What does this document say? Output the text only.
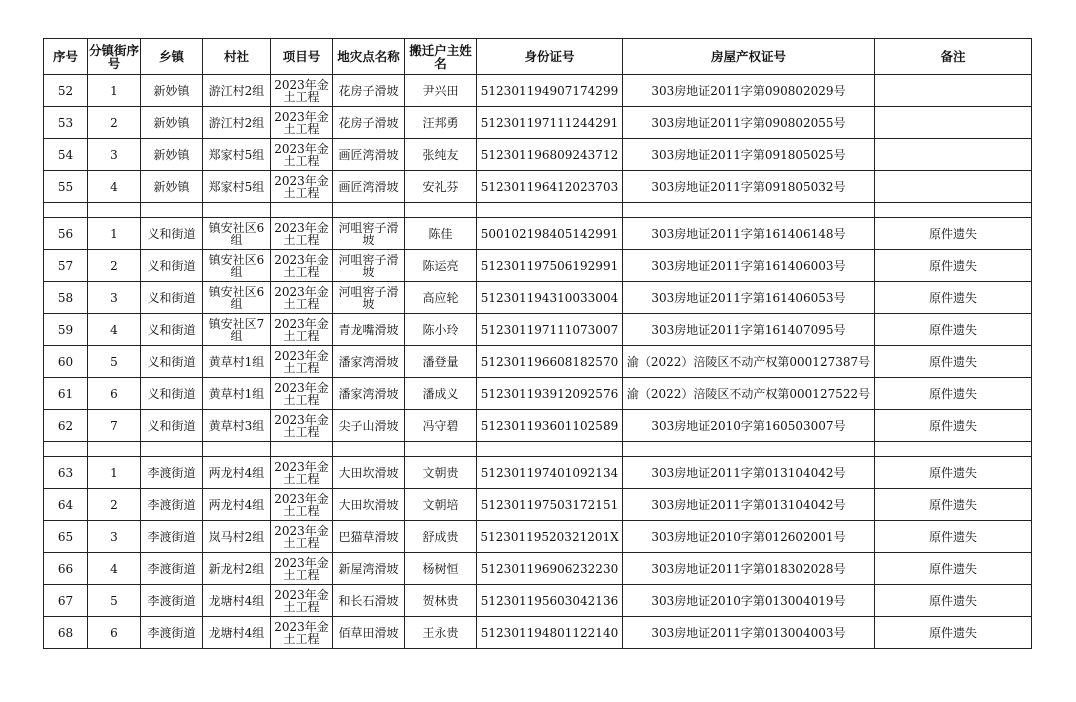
序号	分镇街序号	乡镇	村社	项目号	地灾点名称	搬迁户主姓名	身份证号	房屋产权证号	备注
52	1	新妙镇	游江村2组	2023年金土工程	花房子滑坡	尹兴田	512301194907174299	303房地证2011字第090802029号	
53	2	新妙镇	游江村2组	2023年金土工程	花房子滑坡	汪邦勇	512301197111244291	303房地证2011字第090802055号	
54	3	新妙镇	郑家村5组	2023年金土工程	画匠湾滑坡	张纯友	512301196809243712	303房地证2011字第091805025号	
55	4	新妙镇	郑家村5组	2023年金土工程	画匠湾滑坡	安礼芬	512301196412023703	303房地证2011字第091805032号	

56	1	义和街道	镇安社区6组	2023年金土工程	河咀窖子滑坡	陈佳	500102198405142991	303房地证2011字第161406148号	原件遗失
57	2	义和街道	镇安社区6组	2023年金土工程	河咀窖子滑坡	陈运亮	512301197506192991	303房地证2011字第161406003号	原件遗失
58	3	义和街道	镇安社区6组	2023年金土工程	河咀窖子滑坡	高应轮	512301194310033004	303房地证2011字第161406053号	原件遗失
59	4	义和街道	镇安社区7组	2023年金土工程	青龙嘴滑坡	陈小玲	512301197111073007	303房地证2011字第161407095号	原件遗失
60	5	义和街道	黄草村1组	2023年金土工程	潘家湾滑坡	潘登量	512301196608182570	渝（2022）涪陵区不动产权第000127387号	原件遗失
61	6	义和街道	黄草村1组	2023年金土工程	潘家湾滑坡	潘成义	512301193912092576	渝（2022）涪陵区不动产权第000127522号	原件遗失
62	7	义和街道	黄草村3组	2023年金土工程	尖子山滑坡	冯守碧	512301193601102589	303房地证2010字第160503007号	原件遗失

63	1	李渡街道	两龙村4组	2023年金土工程	大田坎滑坡	文朝贵	512301197401092134	303房地证2011字第013104042号	原件遗失
64	2	李渡街道	两龙村4组	2023年金土工程	大田坎滑坡	文朝培	512301197503172151	303房地证2011字第013104042号	原件遗失
65	3	李渡街道	岚马村2组	2023年金土工程	巴猫草滑坡	舒成贵	51230119520321201X	303房地证2010字第012602001号	原件遗失
66	4	李渡街道	新龙村2组	2023年金土工程	新屋湾滑坡	杨树恒	512301196906232230	303房地证2011字第018302028号	原件遗失
67	5	李渡街道	龙塘村4组	2023年金土工程	和长石滑坡	贺林贵	512301195603042136	303房地证2010字第013004019号	原件遗失
68	6	李渡街道	龙塘村4组	2023年金土工程	佰草田滑坡	王永贵	512301194801122140	303房地证2011字第013004003号	原件遗失
